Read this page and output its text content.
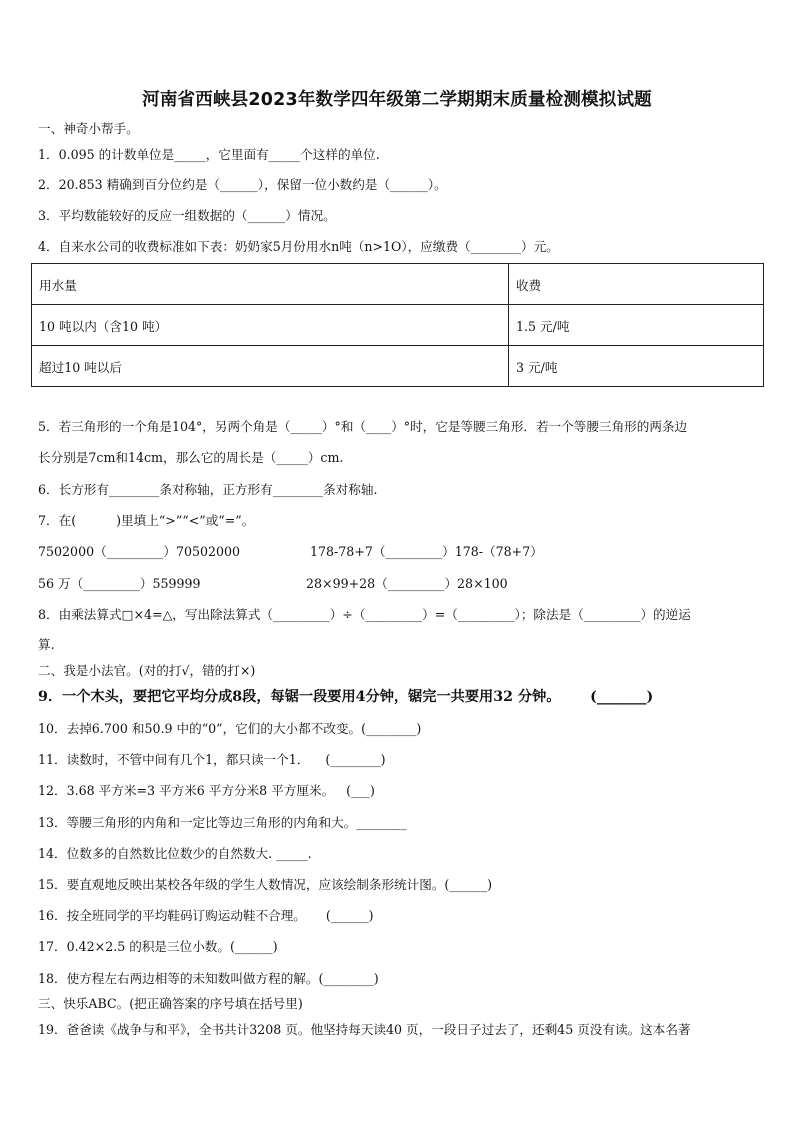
河南省西峡县2023年数学四年级第二学期期末质量检测模拟试题
一、神奇小帮手。
1．0.095 的计数单位是_____，它里面有_____个这样的单位.
2．20.853 精确到百分位约是（______），保留一位小数约是（______）。
3．平均数能较好的反应一组数据的（______）情况。
4．自来水公司的收费标准如下表：奶奶家5月份用水n吨（n>1O），应缴费（________）元。
用水量	收费
10 吨以内（含10 吨）	1.5 元/吨
超过10 吨以后	3 元/吨
5．若三角形的一个角是104°，另两个角是（_____）°和（____）°时，它是等腰三角形．若一个等腰三角形的两条边
长分别是7cm和14cm，那么它的周长是（_____）cm.
6．长方形有________条对称轴，正方形有________条对称轴.
7．在(          )里填上“>”“<”或“=”。
7502000（_________）70502000	178-78+7（_________）178-（78+7）
56 万（_________）559999	28×99+28（_________）28×100
8．由乘法算式□×4=△，写出除法算式（_________）÷（_________）=（_________）；除法是（_________）的逆运
算.
二、我是小法官。(对的打√，错的打×)
9．一个木头，要把它平均分成8段，每锯一段要用4分钟，锯完一共要用32 分钟。      (_______)
10．去掉6.700 和50.9 中的“0”，它们的大小都不改变。(________)
11．读数时，不管中间有几个1，都只读一个1．    (________)
12．3.68 平方米=3 平方米6 平方分米8 平方厘米。   (___)
13．等腰三角形的内角和一定比等边三角形的内角和大。________
14．位数多的自然数比位数少的自然数大. _____.
15．要直观地反映出某校各年级的学生人数情况，应该绘制条形统计图。(______)
16．按全班同学的平均鞋码订购运动鞋不合理。     (______)
17．0.42×2.5 的积是三位小数。(______)
18．使方程左右两边相等的未知数叫做方程的解。(________)
三、快乐ABC。(把正确答案的序号填在括号里)
19．爸爸读《战争与和平》，全书共计3208 页。他坚持每天读40 页，一段日子过去了，还剩45 页没有读。这本名著
